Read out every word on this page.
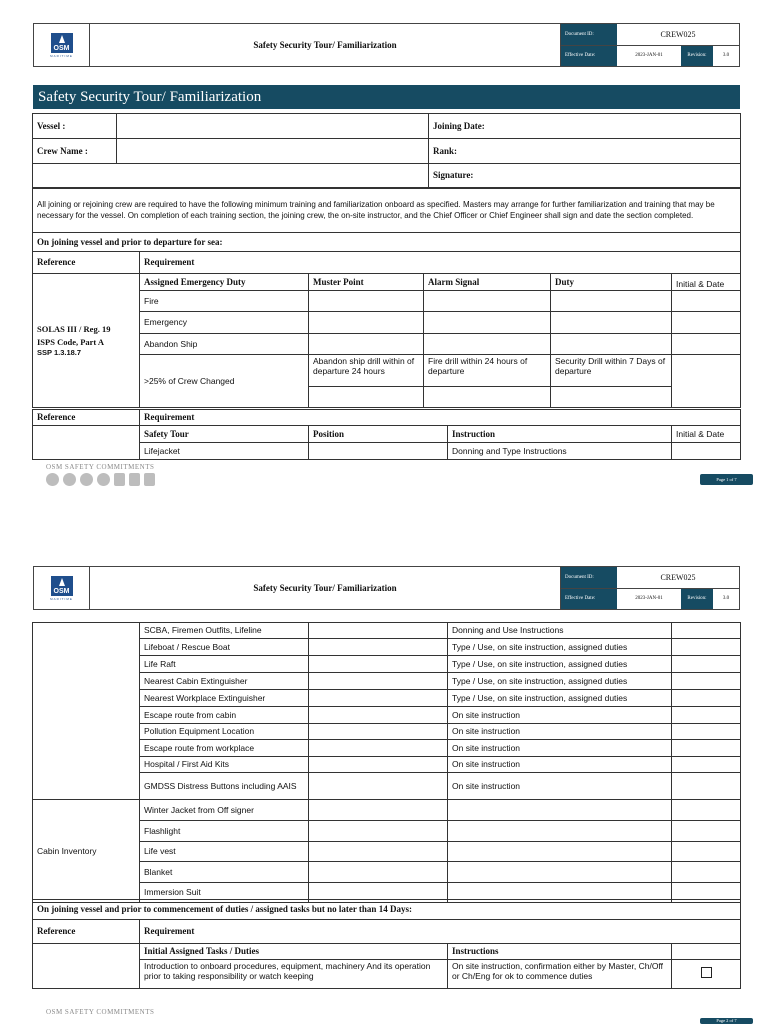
OSM
MARITIME
Safety Security Tour/ Familiarization
Document ID:	CREW025
Effective Date:	2023-JAN-01	Revision:	3.0
Safety Security Tour/ Familiarization
Vessel :		Joining Date:
Crew Name :		Rank:
		Signature:
All joining or rejoining crew are required to have the following minimum training and familiarization onboard as specified. Masters may arrange for further familiarization and training that may be necessary for the vessel. On completion of each training section, the joining crew, the on-site instructor, and the Chief Officer or Chief Engineer shall sign and date the section completed.					
On joining vessel and prior to departure for sea:					
Reference	Requirement				

SOLAS III / Reg. 19
ISPS Code, Part A
SSP 1.3.18.7	Assigned Emergency Duty	Muster Point	Alarm Signal	Duty	Initial & Date
	Fire				
	Emergency				
	Abandon Ship				
	>25% of Crew Changed	Abandon ship drill within of departure 24 hours	Fire drill within 24 hours of departure	Security Drill within 7 Days of departure	

Reference	Requirement			
	Safety Tour	Position	Instruction	Initial & Date
	Lifejacket		Donning and Type Instructions	
OSM SAFETY COMMITMENTS
Page 1 of 7
OSM
MARITIME
Safety Security Tour/ Familiarization
Document ID:	CREW025
Effective Date:	2023-JAN-01	Revision:	3.0
	SCBA, Firemen Outfits, Lifeline		Donning and Use Instructions	
	Lifeboat / Rescue Boat		Type / Use, on site instruction, assigned duties	
	Life Raft		Type / Use, on site instruction, assigned duties	
	Nearest Cabin Extinguisher		Type / Use, on site instruction, assigned duties	
	Nearest Workplace Extinguisher		Type / Use, on site instruction, assigned duties	
	Escape route from cabin		On site instruction	
	Pollution Equipment Location		On site instruction	
	Escape route from workplace		On site instruction	
	Hospital / First Aid Kits		On site instruction	
	GMDSS Distress Buttons including AAIS		On site instruction	
Cabin Inventory	Winter Jacket from Off signer			
	Flashlight			
	Life vest			
	Blanket			
	Immersion Suit			
On joining vessel and prior to commencement of duties / assigned tasks but no later than 14 Days:			
Reference	Requirement		
	Initial Assigned Tasks / Duties	Instructions	
	Introduction to onboard procedures, equipment, machinery And its operation prior to taking responsibility or watch keeping	On site instruction, confirmation either by Master, Ch/Off or Ch/Eng for ok to commence duties	
OSM SAFETY COMMITMENTS
Page 2 of 7
